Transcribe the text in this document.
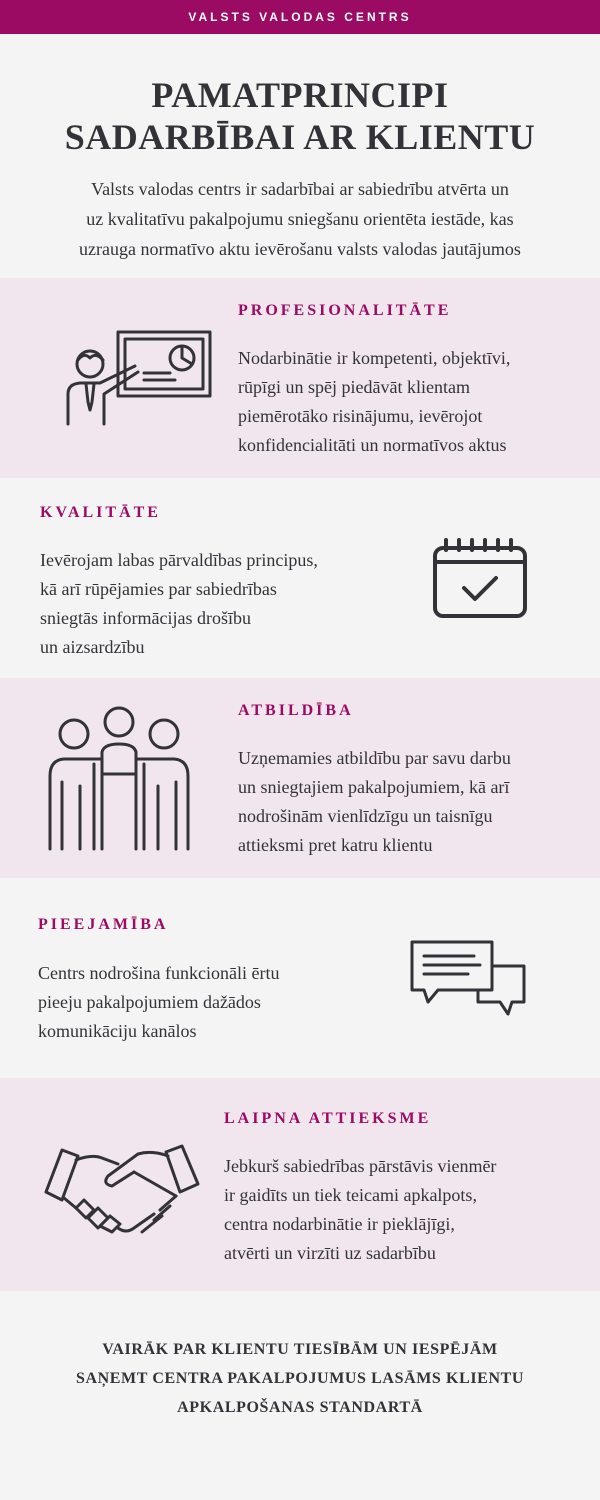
VALSTS VALODAS CENTRS
PAMATPRINCIPI
SADARBĪBAI AR KLIENTU
Valsts valodas centrs ir sadarbībai ar sabiedrību atvērta un
uz kvalitatīvu pakalpojumu sniegšanu orientēta iestāde, kas
uzrauga normatīvo aktu ievērošanu valsts valodas jautājumos
PROFESIONALITĀTE
Nodarbinātie ir kompetenti, objektīvi,
rūpīgi un spēj piedāvāt klientam
piemērotāko risinājumu, ievērojot
konfidencialitāti un normatīvos aktus
KVALITĀTE
Ievērojam labas pārvaldības principus,
kā arī rūpējamies par sabiedrības
sniegtās informācijas drošību
un aizsardzību
ATBILDĪBA
Uzņemamies atbildību par savu darbu
un sniegtajiem pakalpojumiem, kā arī
nodrošinām vienlīdzīgu un taisnīgu
attieksmi pret katru klientu
PIEEJAMĪBA
Centrs nodrošina funkcionāli ērtu
pieeju pakalpojumiem dažādos
komunikāciju kanālos
LAIPNA ATTIEKSME
Jebkurš sabiedrības pārstāvis vienmēr
ir gaidīts un tiek teicami apkalpots,
centra nodarbinātie ir pieklājīgi,
atvērti un virzīti uz sadarbību
VAIRĀK PAR KLIENTU TIESĪBĀM UN IESPĒJĀM
SAŅEMT CENTRA PAKALPOJUMUS LASĀMS KLIENTU
APKALPOŠANAS STANDARTĀ
